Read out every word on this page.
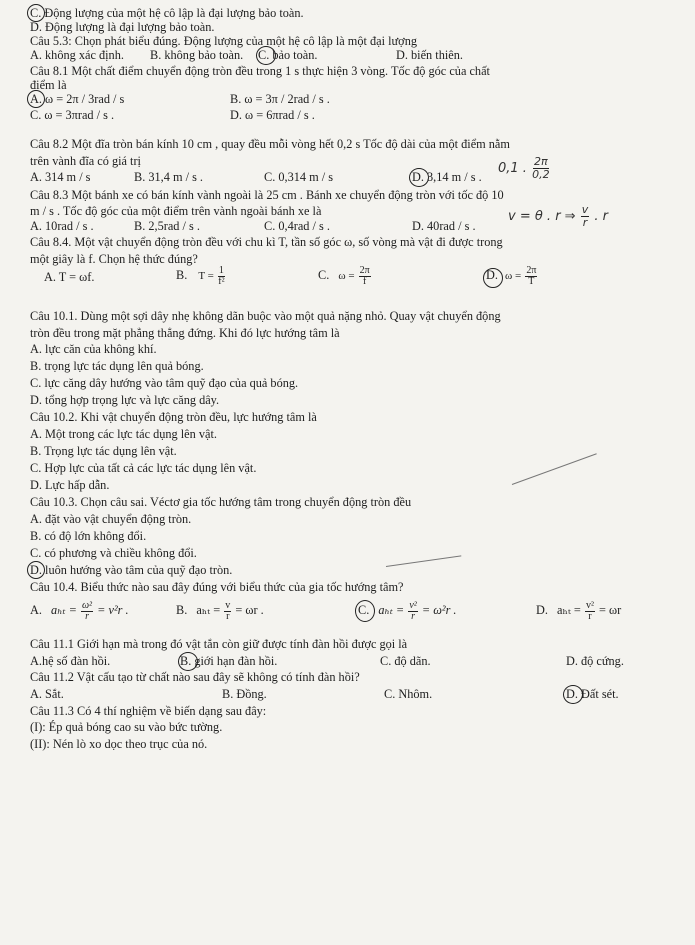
C. Động lượng của một hệ cô lập là đại lượng bảo toàn.
D. Động lượng là đại lượng bảo toàn.
Câu 5.3: Chọn phát biểu đúng. Động lượng của một hệ cô lập là một đại lượng
Câu 8.1 Một chất điểm chuyển động tròn đều trong 1 s thực hiện 3 vòng. Tốc độ góc của chất
điểm là
Câu 8.2 Một đĩa tròn bán kính 10 cm , quay đều mỗi vòng hết 0,2 s Tốc độ dài của một điểm nằm
trên vành đĩa có giá trị
Câu 8.3 Một bánh xe có bán kính vành ngoài là 25 cm . Bánh xe chuyển động tròn với tốc độ 10
m / s . Tốc độ góc của một điểm trên vành ngoài bánh xe là
Câu 8.4. Một vật chuyển động tròn đều với chu kì T, tần số góc ω, số vòng mà vật đi được trong
một giây là f. Chọn hệ thức đúng?
Câu 10.1. Dùng một sợi dây nhẹ không dãn buộc vào một quả nặng nhỏ. Quay vật chuyển động
tròn đều trong mặt phẳng thẳng đứng. Khi đó lực hướng tâm là
A. lực căn của không khí.
B. trọng lực tác dụng lên quả bóng.
C. lực căng dây hướng vào tâm quỹ đạo của quả bóng.
D. tổng hợp trọng lực và lực căng dây.
Câu 10.2. Khi vật chuyển động tròn đều, lực hướng tâm là
A. Một trong các lực tác dụng lên vật.
B. Trọng lực tác dụng lên vật.
C. Hợp lực của tất cả các lực tác dụng lên vật.
D. Lực hấp dẫn.
Câu 10.3. Chọn câu sai. Véctơ gia tốc hướng tâm trong chuyển động tròn đều
A. đặt vào vật chuyển động tròn.
B. có độ lớn không đổi.
C. có phương và chiều không đổi.
D. luôn hướng vào tâm của quỹ đạo tròn.
Câu 10.4. Biểu thức nào sau đây đúng với biểu thức của gia tốc hướng tâm?
Câu 11.1 Giới hạn mà trong đó vật tắn còn giữ được tính đàn hồi được gọi là
Câu 11.2 Vật cấu tạo từ chất nào sau đây sẽ không có tính đàn hồi?
Câu 11.3 Có 4 thí nghiệm về biến dạng sau đây:
(I): Ép quả bóng cao su vào bức tường.
(II): Nén lò xo dọc theo trục của nó.
A. không xác định. B. không bảo toàn. C. bảo toàn.	D. biến thiên.
A. ω = 2π / 3rad / s	B. ω = 3π / 2rad / s .
C. ω = 3πrad / s .	D. ω = 6πrad / s .
A. 314 m / s	B. 31,4 m / s .	C. 0,314 m / s	D. 3,14 m / s .
A. 10rad / s .	B. 2,5rad / s .	C. 0,4rad / s .	D. 40rad / s .
A.hệ số đàn hồi.	B. giới hạn đàn hồi.	C. độ dãn.	D. độ cứng.
A. Sắt.	B. Đồng.	C. Nhôm.	D. Đất sét.
A. T = ωf.	B. $T = \frac{1}{\text{f²}}$	C. $\omega = \frac{2\pi}{f}$	D. $\omega = \frac{2\pi}{T}$
A. $a_{ht} = \frac{\text{ω²}}{r} = v^2r$ .	B. $a_{ht} = \frac{v}{r} = \omega r$ .	C. $a_{ht} = \frac{\text{v²}}{r} = \omega^2r$ .	D. $a_{ht} = \frac{\text{v²}}{r} = \omega r$
0,1 . $\frac{2\pi}{0,2}$
v = θ . r ⇒ $\frac{v}{r}$ . r
